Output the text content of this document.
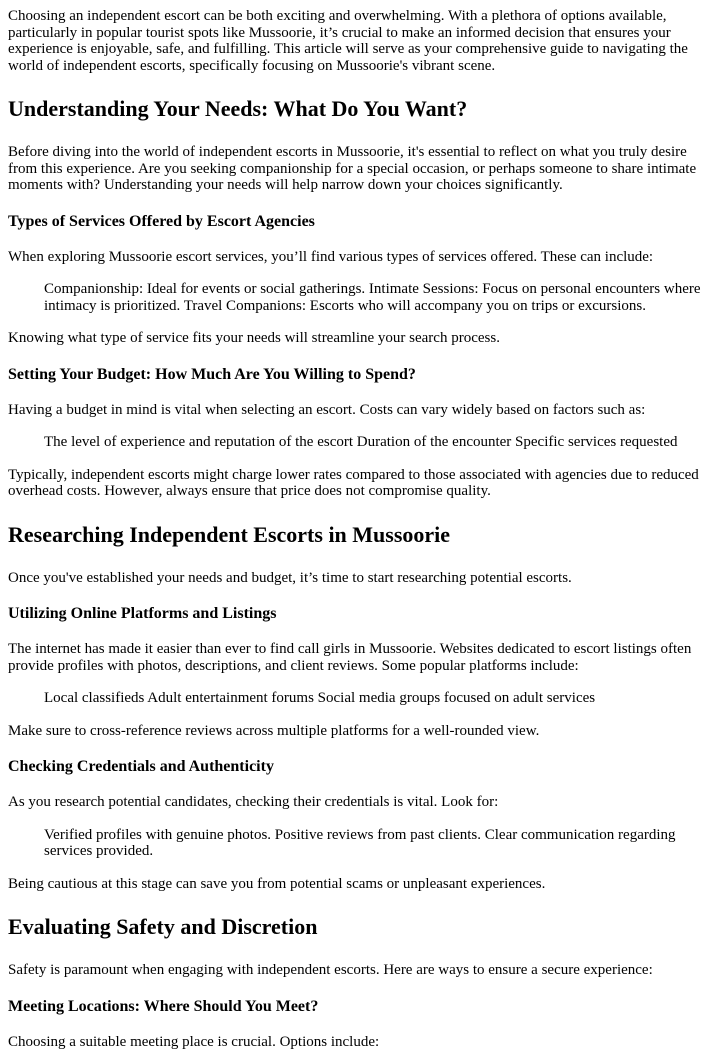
Choosing an independent escort can be both exciting and overwhelming. With a plethora of options available, particularly in popular tourist spots like Mussoorie, it’s crucial to make an informed decision that ensures your experience is enjoyable, safe, and fulfilling. This article will serve as your comprehensive guide to navigating the world of independent escorts, specifically focusing on Mussoorie's vibrant scene.

Understanding Your Needs: What Do You Want?

Before diving into the world of independent escorts in Mussoorie, it's essential to reflect on what you truly desire from this experience. Are you seeking companionship for a special occasion, or perhaps someone to share intimate moments with? Understanding your needs will help narrow down your choices significantly.

Types of Services Offered by Escort Agencies

When exploring Mussoorie escort services, you’ll find various types of services offered. These can include:

Companionship: Ideal for events or social gatherings. Intimate Sessions: Focus on personal encounters where intimacy is prioritized. Travel Companions: Escorts who will accompany you on trips or excursions.

Knowing what type of service fits your needs will streamline your search process.

Setting Your Budget: How Much Are You Willing to Spend?

Having a budget in mind is vital when selecting an escort. Costs can vary widely based on factors such as:

The level of experience and reputation of the escort Duration of the encounter Specific services requested

Typically, independent escorts might charge lower rates compared to those associated with agencies due to reduced overhead costs. However, always ensure that price does not compromise quality.

Researching Independent Escorts in Mussoorie

Once you've established your needs and budget, it’s time to start researching potential escorts.

Utilizing Online Platforms and Listings

The internet has made it easier than ever to find call girls in Mussoorie. Websites dedicated to escort listings often provide profiles with photos, descriptions, and client reviews. Some popular platforms include:

Local classifieds Adult entertainment forums Social media groups focused on adult services

Make sure to cross-reference reviews across multiple platforms for a well-rounded view.

Checking Credentials and Authenticity

As you research potential candidates, checking their credentials is vital. Look for:

Verified profiles with genuine photos. Positive reviews from past clients. Clear communication regarding services provided.

Being cautious at this stage can save you from potential scams or unpleasant experiences.

Evaluating Safety and Discretion

Safety is paramount when engaging with independent escorts. Here are ways to ensure a secure experience:

Meeting Locations: Where Should You Meet?

Choosing a suitable meeting place is crucial. Options include:
